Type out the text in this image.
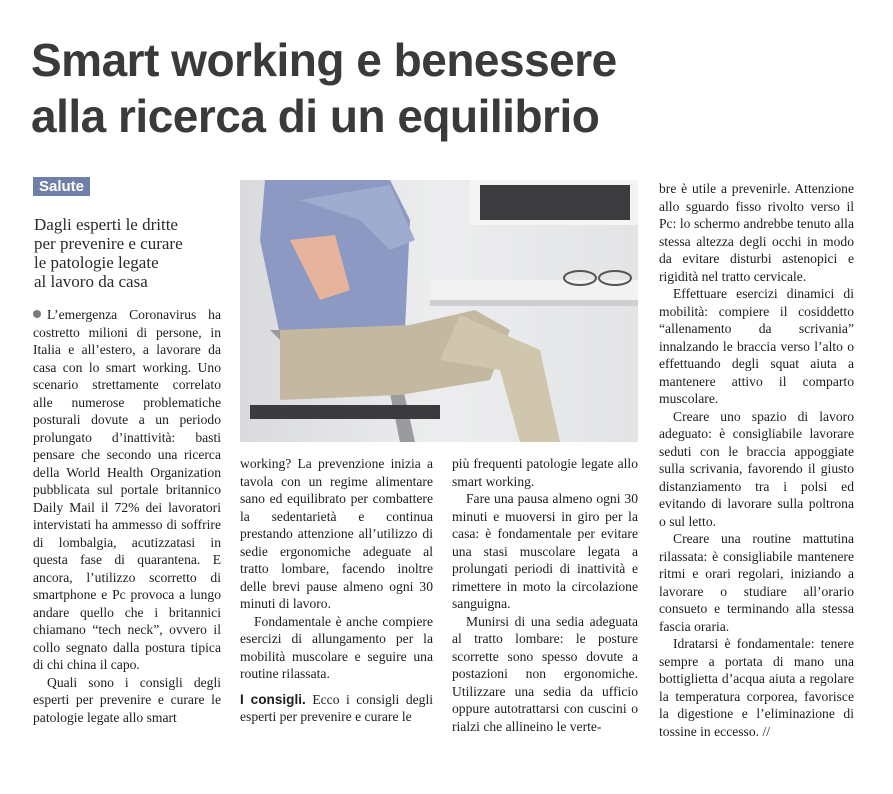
Smart working e benessere
alla ricerca di un equilibrio
Salute
Dagli esperti le dritte
per prevenire e curare
le patologie legate
al lavoro da casa

L’emergenza Coronavirus ha costretto milioni di persone, in Italia e all’estero, a lavorare da casa con lo smart working. Uno scenario strettamente correlato alle numerose problematiche posturali dovute a un periodo prolungato d’inattività: basti pensare che secondo una ricerca della World Health Organization pubblicata sul portale britannico Daily Mail il 72% dei lavoratori intervistati ha ammesso di soffrire di lombalgia, acutizzatasi in questa fase di quarantena. E ancora, l’utilizzo scorretto di smartphone e Pc provoca a lungo andare quello che i britannici chiamano “tech neck”, ovvero il collo segnato dalla postura tipica di chi china il capo.

Quali sono i consigli degli esperti per prevenire e curare le patologie legate allo smart

working? La prevenzione inizia a tavola con un regime alimentare sano ed equilibrato per combattere la sedentarietà e continua prestando attenzione all’utilizzo di sedie ergonomiche adeguate al tratto lombare, facendo inoltre delle brevi pause almeno ogni 30 minuti di lavoro.

Fondamentale è anche compiere esercizi di allungamento per la mobilità muscolare e seguire una routine rilassata.

I consigli. Ecco i consigli degli esperti per prevenire e curare le

più frequenti patologie legate allo smart working.

Fare una pausa almeno ogni 30 minuti e muoversi in giro per la casa: è fondamentale per evitare una stasi muscolare legata a prolungati periodi di inattività e rimettere in moto la circolazione sanguigna.

Munirsi di una sedia adeguata al tratto lombare: le posture scorrette sono spesso dovute a postazioni non ergonomiche. Utilizzare una sedia da ufficio oppure autotrattarsi con cuscini o rialzi che allineino le verte-

bre è utile a prevenirle. Attenzione allo sguardo fisso rivolto verso il Pc: lo schermo andrebbe tenuto alla stessa altezza degli occhi in modo da evitare disturbi astenopici e rigidità nel tratto cervicale.

Effettuare esercizi dinamici di mobilità: compiere il cosiddetto “allenamento da scrivania” innalzando le braccia verso l’alto o effettuando degli squat aiuta a mantenere attivo il comparto muscolare.

Creare uno spazio di lavoro adeguato: è consigliabile lavorare seduti con le braccia appoggiate sulla scrivania, favorendo il giusto distanziamento tra i polsi ed evitando di lavorare sulla poltrona o sul letto.

Creare una routine mattutina rilassata: è consigliabile mantenere ritmi e orari regolari, iniziando a lavorare o studiare all’orario consueto e terminando alla stessa fascia oraria.

Idratarsi è fondamentale: tenere sempre a portata di mano una bottiglietta d’acqua aiuta a regolare la temperatura corporea, favorisce la digestione e l’eliminazione di tossine in eccesso. //
